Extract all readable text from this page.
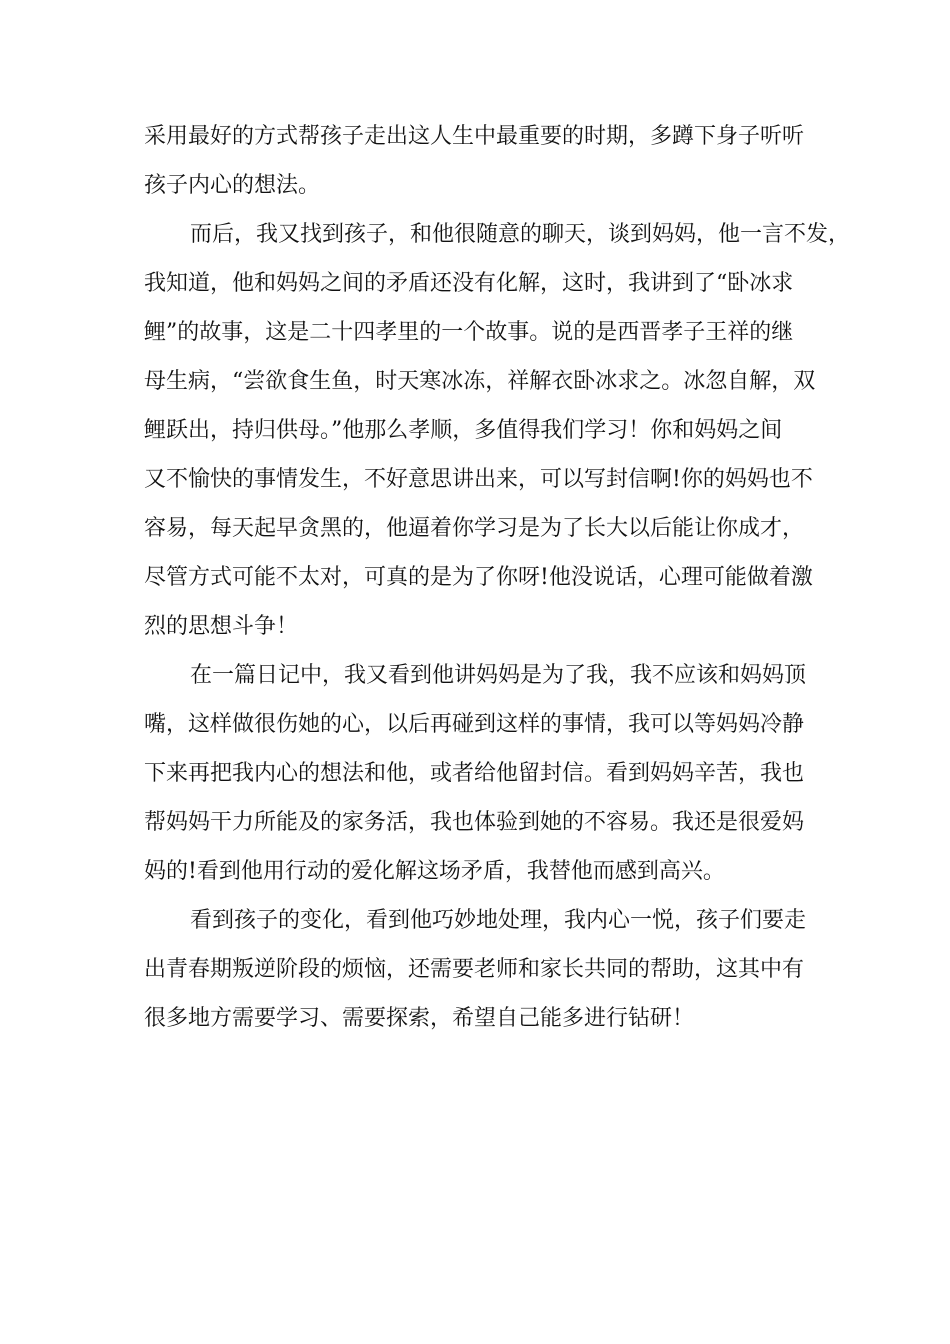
采用最好的方式帮孩子走出这人生中最重要的时期，多蹲下身子听听
孩子内心的想法。

而后，我又找到孩子，和他很随意的聊天，谈到妈妈，他一言不发，
我知道，他和妈妈之间的矛盾还没有化解，这时，我讲到了“卧冰求
鲤”的故事，这是二十四孝里的一个故事。说的是西晋孝子王祥的继
母生病，“尝欲食生鱼，时天寒冰冻，祥解衣卧冰求之。冰忽自解，双
鲤跃出，持归供母。”他那么孝顺，多值得我们学习！你和妈妈之间
又不愉快的事情发生，不好意思讲出来，可以写封信啊!你的妈妈也不
容易，每天起早贪黑的，他逼着你学习是为了长大以后能让你成才，
尽管方式可能不太对，可真的是为了你呀!他没说话，心理可能做着激
烈的思想斗争！

在一篇日记中，我又看到他讲妈妈是为了我，我不应该和妈妈顶
嘴，这样做很伤她的心，以后再碰到这样的事情，我可以等妈妈冷静
下来再把我内心的想法和他，或者给他留封信。看到妈妈辛苦，我也
帮妈妈干力所能及的家务活，我也体验到她的不容易。我还是很爱妈
妈的!看到他用行动的爱化解这场矛盾，我替他而感到高兴。

看到孩子的变化，看到他巧妙地处理，我内心一悦，孩子们要走
出青春期叛逆阶段的烦恼，还需要老师和家长共同的帮助，这其中有
很多地方需要学习、需要探索，希望自己能多进行钻研！
